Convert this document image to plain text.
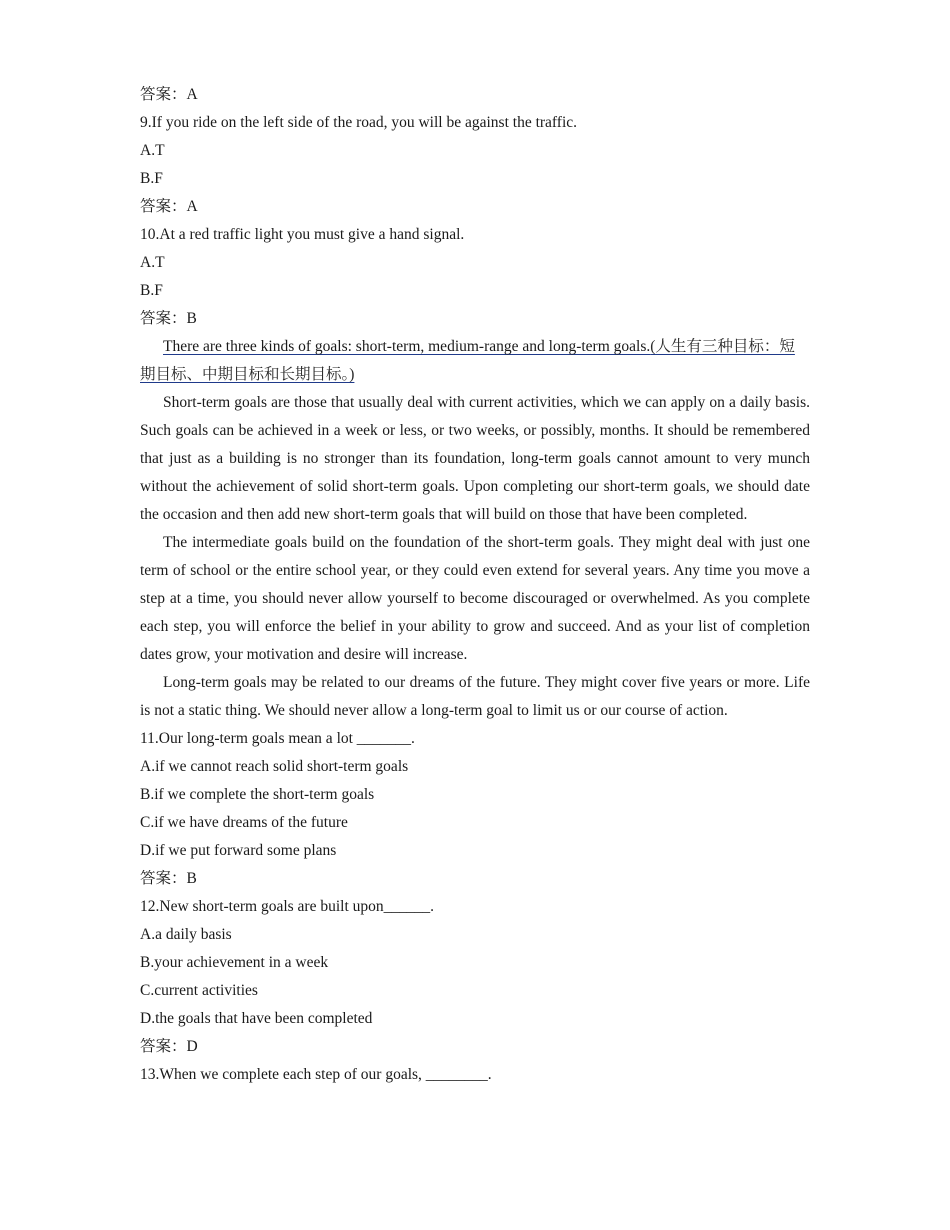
答案：A

9.If you ride on the left side of the road, you will be against the traffic.

A.T

B.F

答案：A

10.At a red traffic light you must give a hand signal.

A.T

B.F

答案：B

There are three kinds of goals: short-term, medium-range and long-term goals.(人生有三种目标：短期目标、中期目标和长期目标。)

Short-term goals are those that usually deal with current activities, which we can apply on a daily basis. Such goals can be achieved in a week or less, or two weeks, or possibly, months. It should be remembered that just as a building is no stronger than its foundation, long-term goals cannot amount to very munch without the achievement of solid short-term goals. Upon completing our short-term goals, we should date the occasion and then add new short-term goals that will build on those that have been completed.

The intermediate goals build on the foundation of the short-term goals. They might deal with just one term of school or the entire school year, or they could even extend for several years. Any time you move a step at a time, you should never allow yourself to become discouraged or overwhelmed. As you complete each step, you will enforce the belief in your ability to grow and succeed. And as your list of completion dates grow, your motivation and desire will increase.

Long-term goals may be related to our dreams of the future. They might cover five years or more. Life is not a static thing. We should never allow a long-term goal to limit us or our course of action.

11.Our long-term goals mean a lot _______.

A.if we cannot reach solid short-term goals

B.if we complete the short-term goals

C.if we have dreams of the future

D.if we put forward some plans

答案：B

12.New short-term goals are built upon______.

A.a daily basis

B.your achievement in a week

C.current activities

D.the goals that have been completed

答案：D

13.When we complete each step of our goals, ________.
